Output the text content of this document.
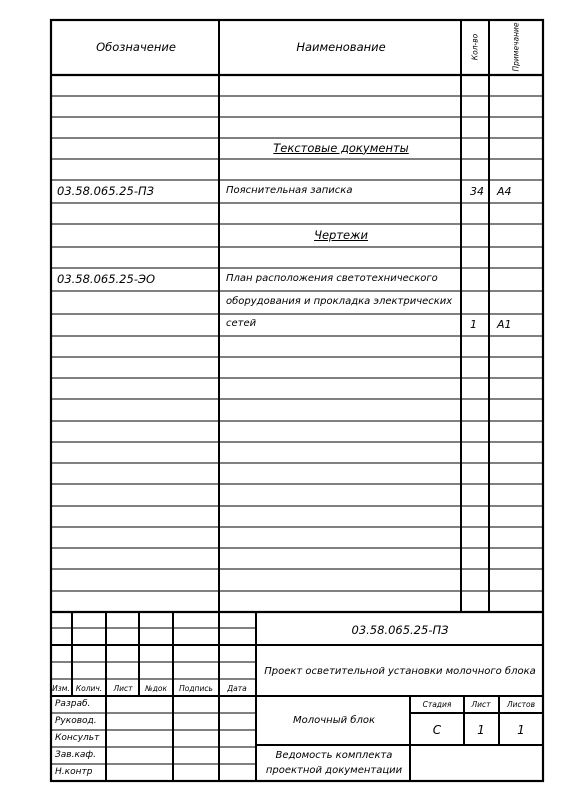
Обозначение	Наименование	Кол-во	Примечание
Текстовые документы
03.58.065.25-ПЗ	Пояснительная записка	34 А4
Чертежи
03.58.065.25-ЭО	План расположения светотехнического
оборудования и прокладка электрических
сетей	1 А1
03.58.065.25-ПЗ
Проект осветительной установки молочного блока
Изм. Колич. Лист №док Подпись Дата
Разраб.
Руковод.
Консульт
Зав.каф.
Н.контр
Молочный блок
Ведомость комплекта
проектной документации
Стадия	Лист Листов
С	1	1
